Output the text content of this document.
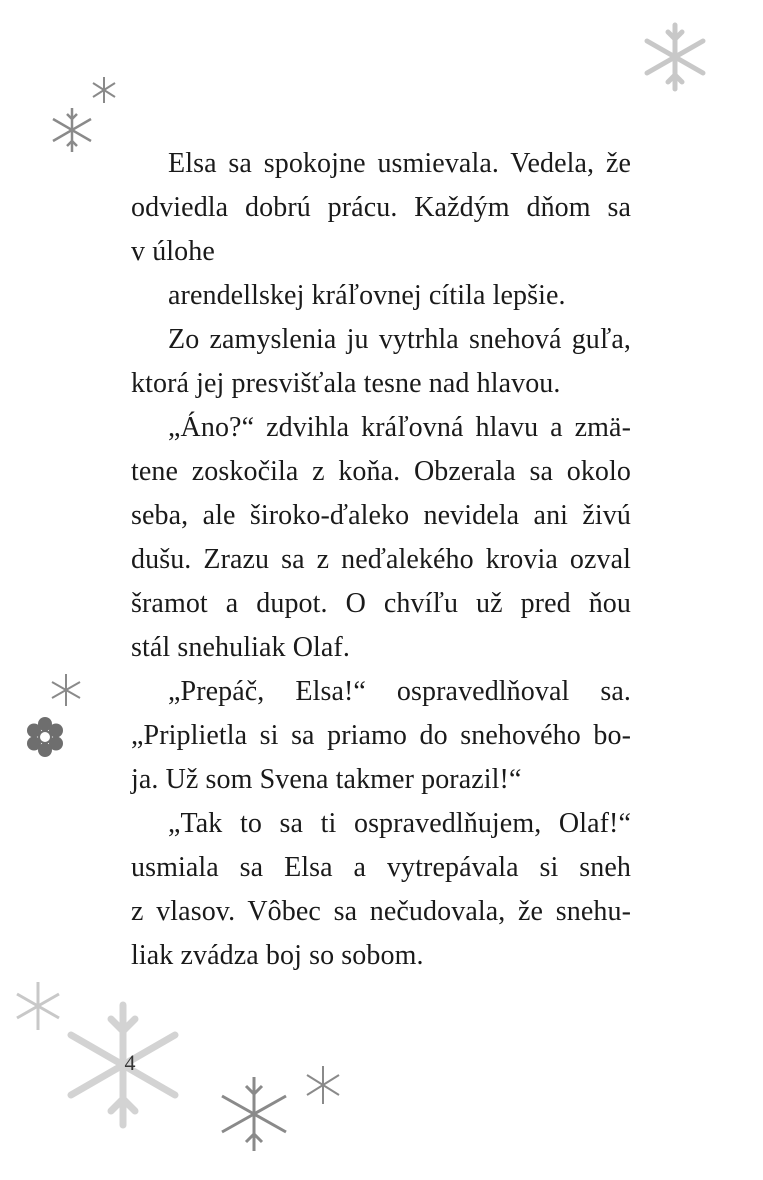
4
Elsa sa spokojne usmievala. Vedela, že
odviedla dobrú prácu. Každým dňom sa
v úlohe
arendellskej kráľovnej cítila lepšie.
Zo zamyslenia ju vytrhla snehová guľa,
ktorá jej presvišťala tesne nad hlavou.
„Áno?“ zdvihla kráľovná hlavu a zmä-
tene zoskočila z koňa. Obzerala sa okolo
seba, ale široko-ďaleko nevidela ani živú
dušu. Zrazu sa z neďalekého krovia ozval
šramot a dupot. O chvíľu už pred ňou
stál snehuliak Olaf.
„Prepáč, Elsa!“ ospravedlňoval sa.
„Priplietla si sa priamo do snehového bo-
ja. Už som Svena takmer porazil!“
„Tak to sa ti ospravedlňujem, Olaf!“
usmiala sa Elsa a vytrepávala si sneh
z vlasov. Vôbec sa nečudovala, že snehu-
liak zvádza boj so sobom.
